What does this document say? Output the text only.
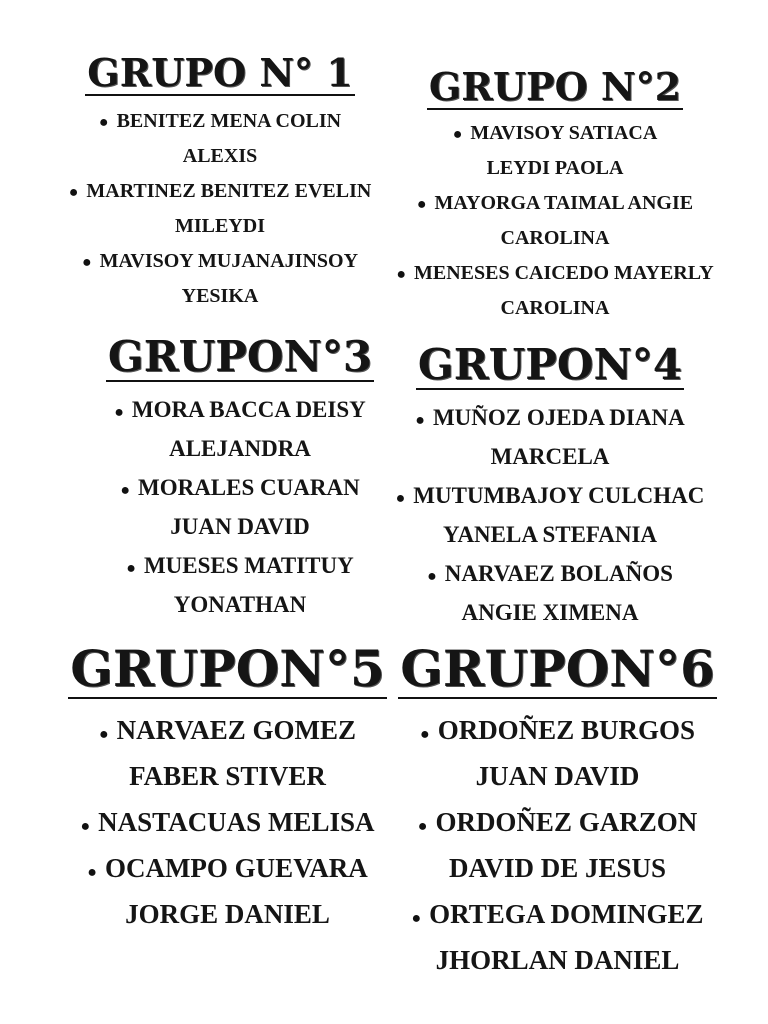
GRUPO N° 1
● BENITEZ MENA COLIN
ALEXIS
● MARTINEZ BENITEZ EVELIN
MILEYDI
● MAVISOY MUJANAJINSOY
YESIKA
GRUPO N°2
● MAVISOY SATIACA
LEYDI PAOLA
● MAYORGA TAIMAL ANGIE
CAROLINA
● MENESES CAICEDO MAYERLY
CAROLINA
GRUPON°3
● MORA BACCA DEISY
ALEJANDRA
● MORALES CUARAN
JUAN DAVID
● MUESES MATITUY
YONATHAN
GRUPON°4
● MUÑOZ OJEDA DIANA
MARCELA
● MUTUMBAJOY CULCHAC
YANELA STEFANIA
● NARVAEZ BOLAÑOS
ANGIE XIMENA
GRUPON°5
● NARVAEZ GOMEZ
FABER STIVER
● NASTACUAS MELISA
● OCAMPO GUEVARA
JORGE DANIEL
GRUPON°6
● ORDOÑEZ BURGOS
JUAN DAVID
● ORDOÑEZ GARZON
DAVID DE JESUS
● ORTEGA DOMINGEZ
JHORLAN DANIEL
